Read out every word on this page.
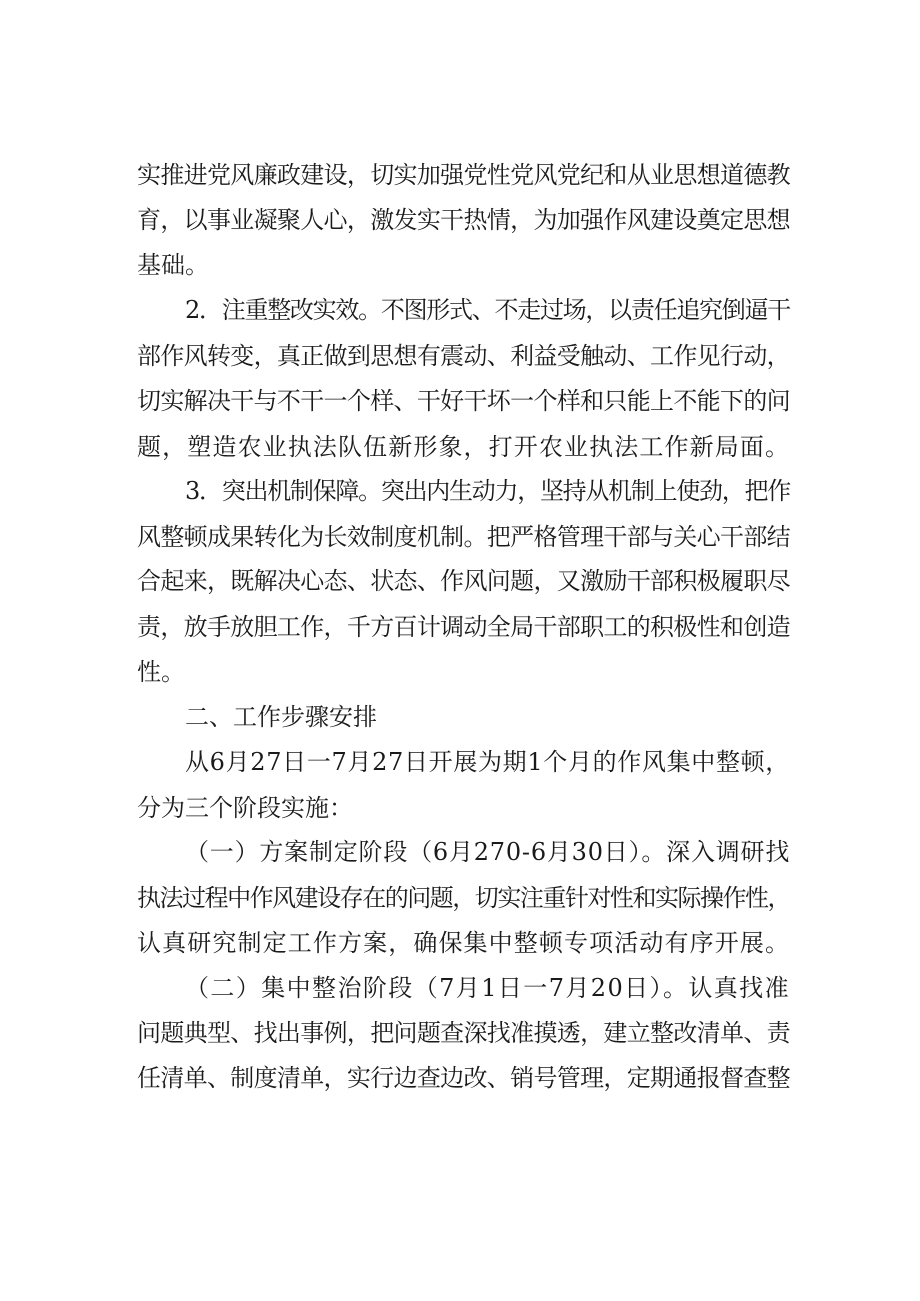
实推进党风廉政建设，切实加强党性党风党纪和从业思想道德教
育，以事业凝聚人心，激发实干热情，为加强作风建设奠定思想
基础。
2．注重整改实效。不图形式、不走过场，以责任追究倒逼干
部作风转变，真正做到思想有震动、利益受触动、工作见行动，
切实解决干与不干一个样、干好干坏一个样和只能上不能下的问
题，塑造农业执法队伍新形象，打开农业执法工作新局面。
3．突出机制保障。突出内生动力，坚持从机制上使劲，把作
风整顿成果转化为长效制度机制。把严格管理干部与关心干部结
合起来，既解决心态、状态、作风问题，又激励干部积极履职尽
责，放手放胆工作，千方百计调动全局干部职工的积极性和创造
性。
二、工作步骤安排
从6月27日一7月27日开展为期1个月的作风集中整顿，
分为三个阶段实施：
（一）方案制定阶段（6月270-6月30日）。深入调研找
执法过程中作风建设存在的问题，切实注重针对性和实际操作性，
认真研究制定工作方案，确保集中整顿专项活动有序开展。
（二）集中整治阶段（7月1日一7月20日）。认真找准
问题典型、找出事例，把问题查深找准摸透，建立整改清单、责
任清单、制度清单，实行边查边改、销号管理，定期通报督查整
